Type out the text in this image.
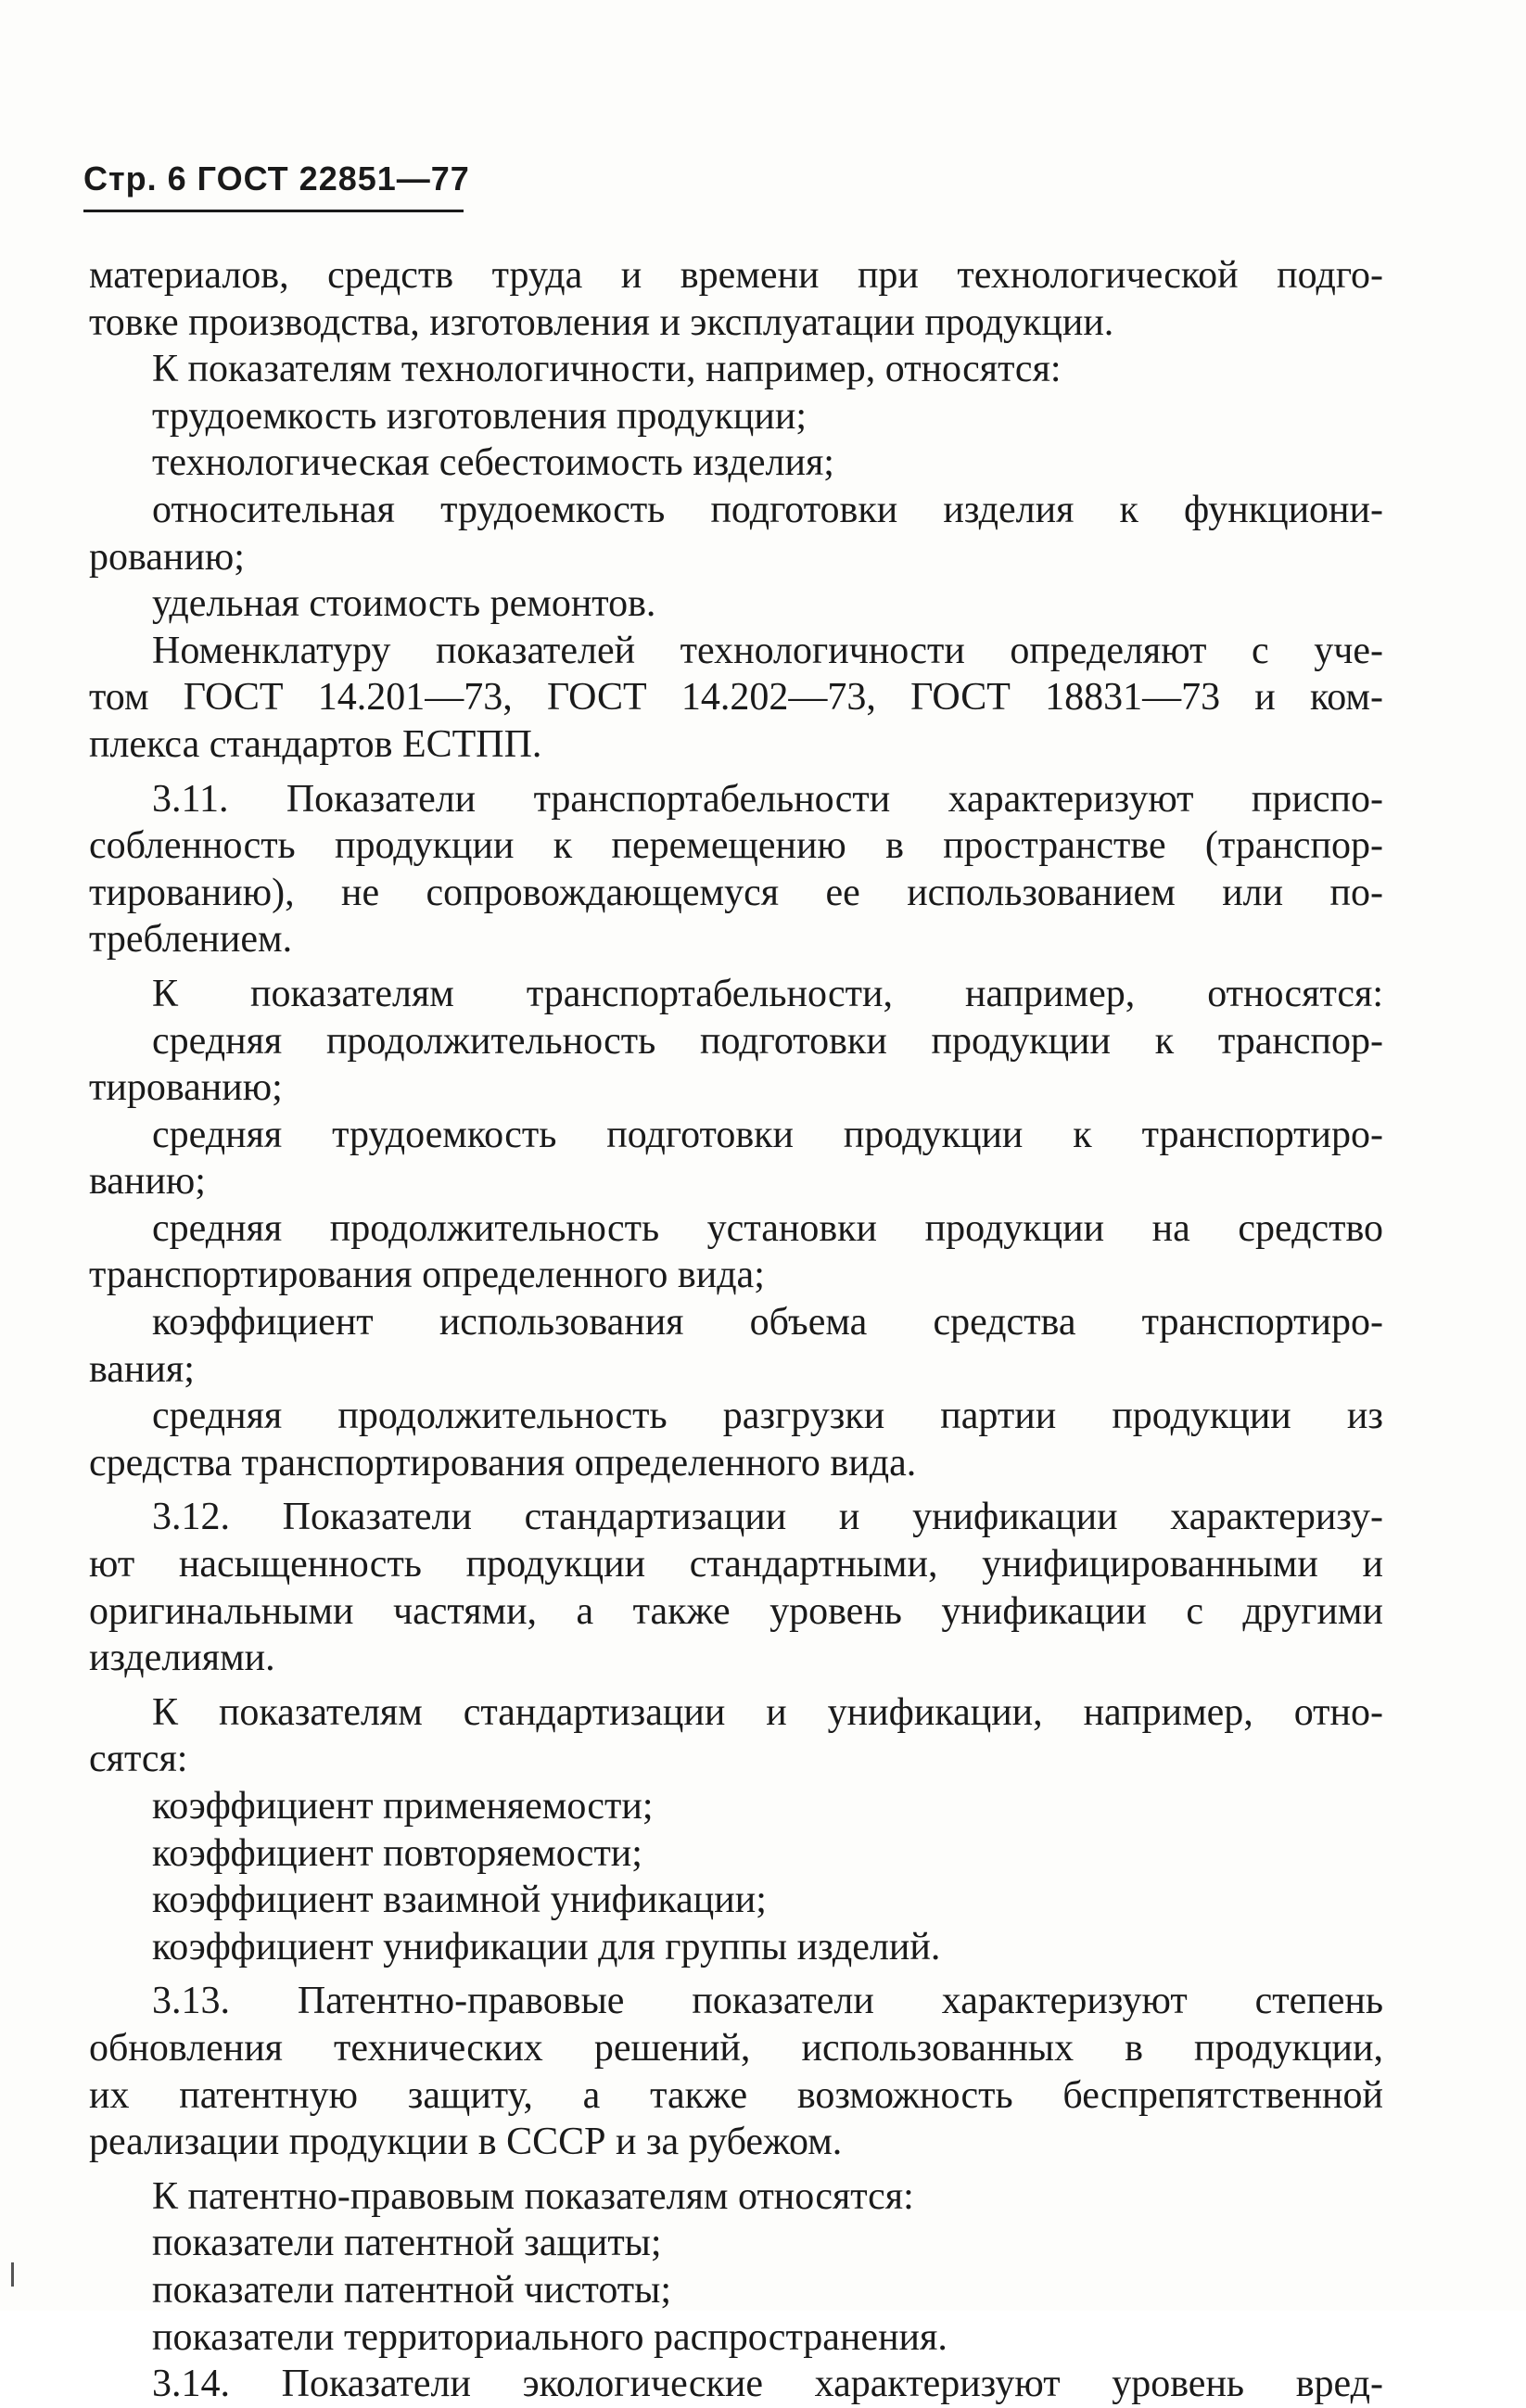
Стр. 6 ГОСТ 22851—77
материалов, средств труда и времени при технологической подго-
товке производства, изготовления и эксплуатации продукции.
К показателям технологичности, например, относятся:
трудоемкость изготовления продукции;
технологическая себестоимость изделия;
относительная трудоемкость подготовки изделия к функциони-
рованию;
удельная стоимость ремонтов.
Номенклатуру показателей технологичности определяют с уче-
том ГОСТ 14.201—73, ГОСТ 14.202—73, ГОСТ 18831—73 и ком-
плекса стандартов ЕСТПП.
3.11. Показатели транспортабельности характеризуют приспо-
собленность продукции к перемещению в пространстве (транспор-
тированию), не сопровождающемуся ее использованием или по-
треблением.
К показателям транспортабельности, например, относятся:
средняя продолжительность подготовки продукции к транспор-
тированию;
средняя трудоемкость подготовки продукции к транспортиро-
ванию;
средняя продолжительность установки продукции на средство
транспортирования определенного вида;
коэффициент использования объема средства транспортиро-
вания;
средняя продолжительность разгрузки партии продукции из
средства транспортирования определенного вида.
3.12. Показатели стандартизации и унификации характеризу-
ют насыщенность продукции стандартными, унифицированными и
оригинальными частями, а также уровень унификации с другими
изделиями.
К показателям стандартизации и унификации, например, отно-
сятся:
коэффициент применяемости;
коэффициент повторяемости;
коэффициент взаимной унификации;
коэффициент унификации для группы изделий.
3.13. Патентно-правовые показатели характеризуют степень
обновления технических решений, использованных в продукции,
их патентную защиту, а также возможность беспрепятственной
реализации продукции в СССР и за рубежом.
К патентно-правовым показателям относятся:
показатели патентной защиты;
показатели патентной чистоты;
показатели территориального распространения.
3.14. Показатели экологические характеризуют уровень вред-
